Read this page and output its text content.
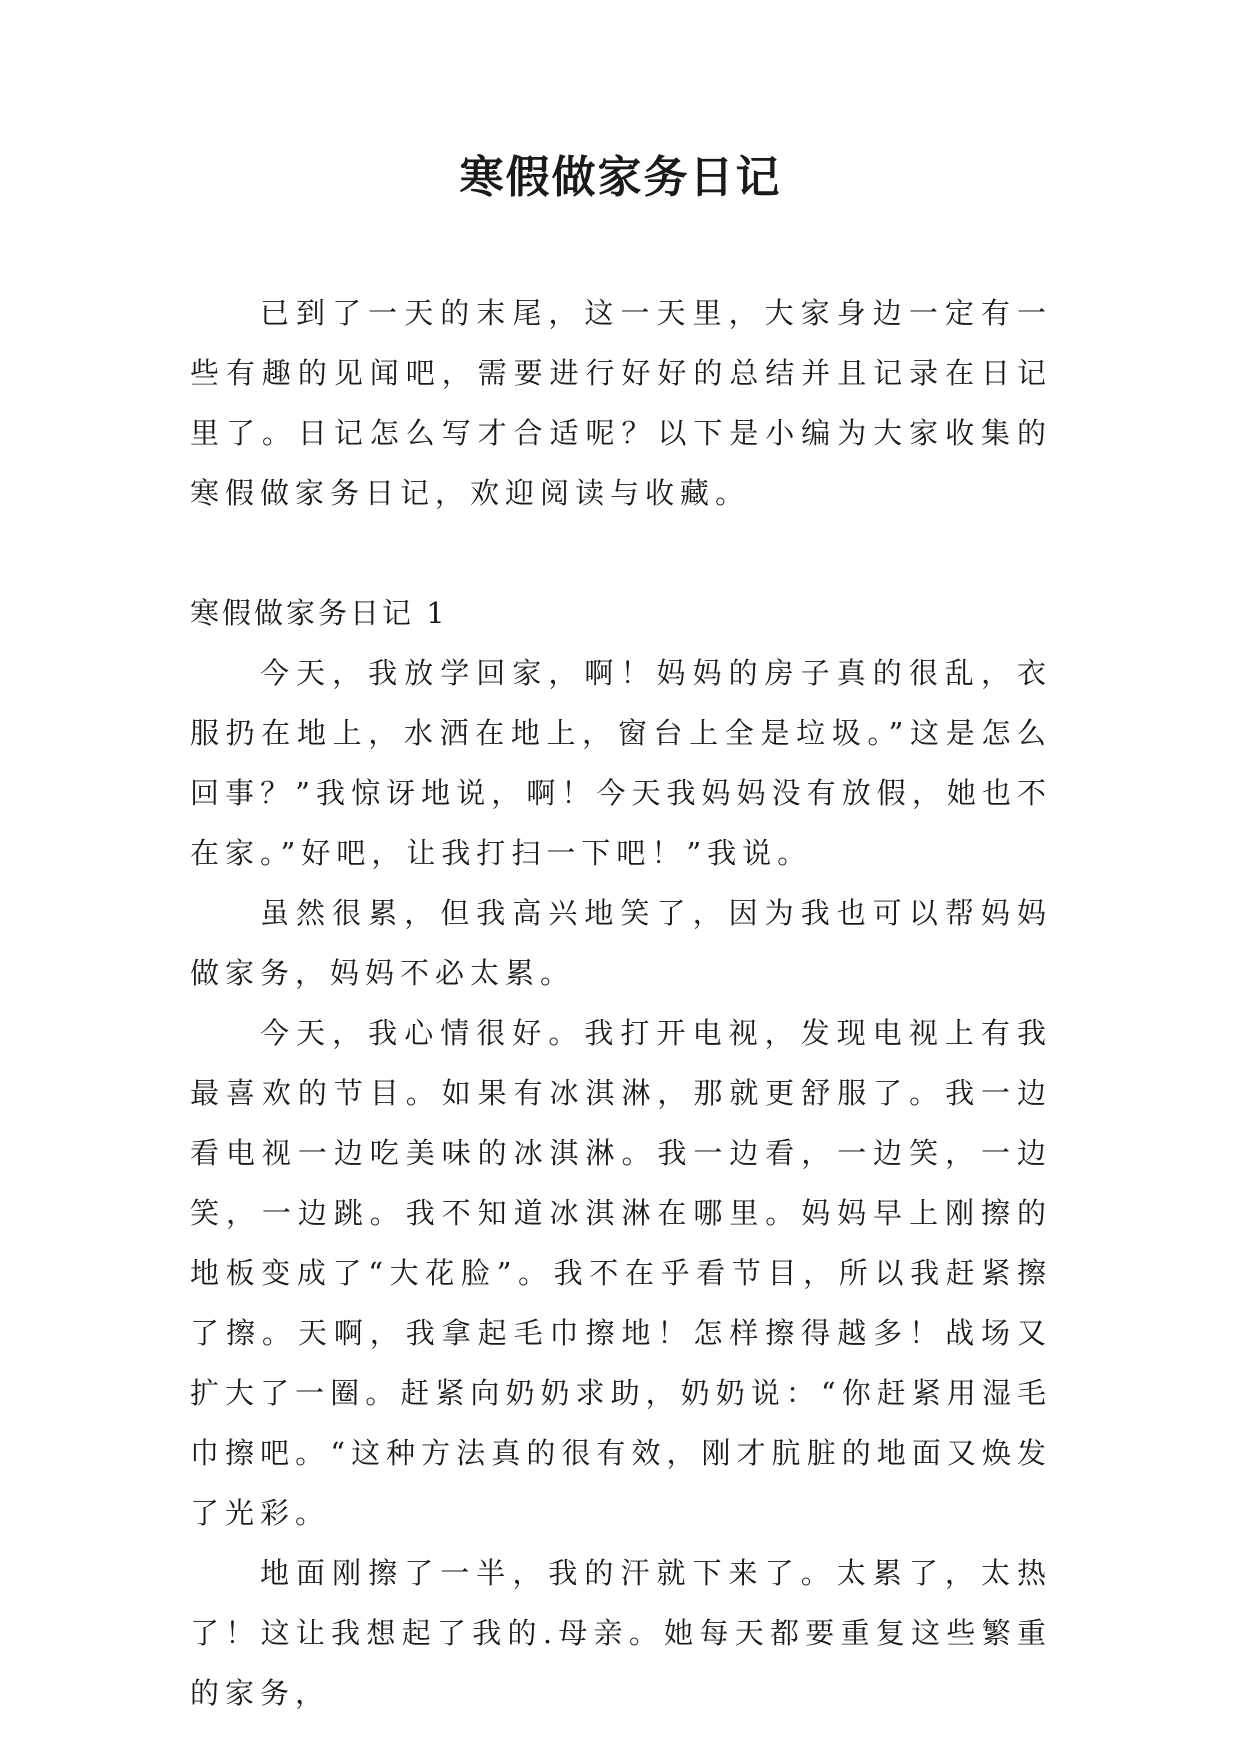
寒假做家务日记

已到了一天的末尾，这一天里，大家身边一定有一些有趣的见闻吧，需要进行好好的总结并且记录在日记里了。日记怎么写才合适呢？以下是小编为大家收集的寒假做家务日记，欢迎阅读与收藏。

寒假做家务日记 1

今天，我放学回家，啊！妈妈的房子真的很乱，衣服扔在地上，水洒在地上，窗台上全是垃圾。”这是怎么回事？”我惊讶地说，啊！今天我妈妈没有放假，她也不在家。”好吧，让我打扫一下吧！”我说。

虽然很累，但我高兴地笑了，因为我也可以帮妈妈做家务，妈妈不必太累。

今天，我心情很好。我打开电视，发现电视上有我最喜欢的节目。如果有冰淇淋，那就更舒服了。我一边看电视一边吃美味的冰淇淋。我一边看，一边笑，一边笑，一边跳。我不知道冰淇淋在哪里。妈妈早上刚擦的地板变成了“大花脸”。我不在乎看节目，所以我赶紧擦了擦。天啊，我拿起毛巾擦地！怎样擦得越多！战场又扩大了一圈。赶紧向奶奶求助，奶奶说：“你赶紧用湿毛巾擦吧。“这种方法真的很有效，刚才肮脏的地面又焕发了光彩。

地面刚擦了一半，我的汗就下来了。太累了，太热了！这让我想起了我的.母亲。她每天都要重复这些繁重的家务，
